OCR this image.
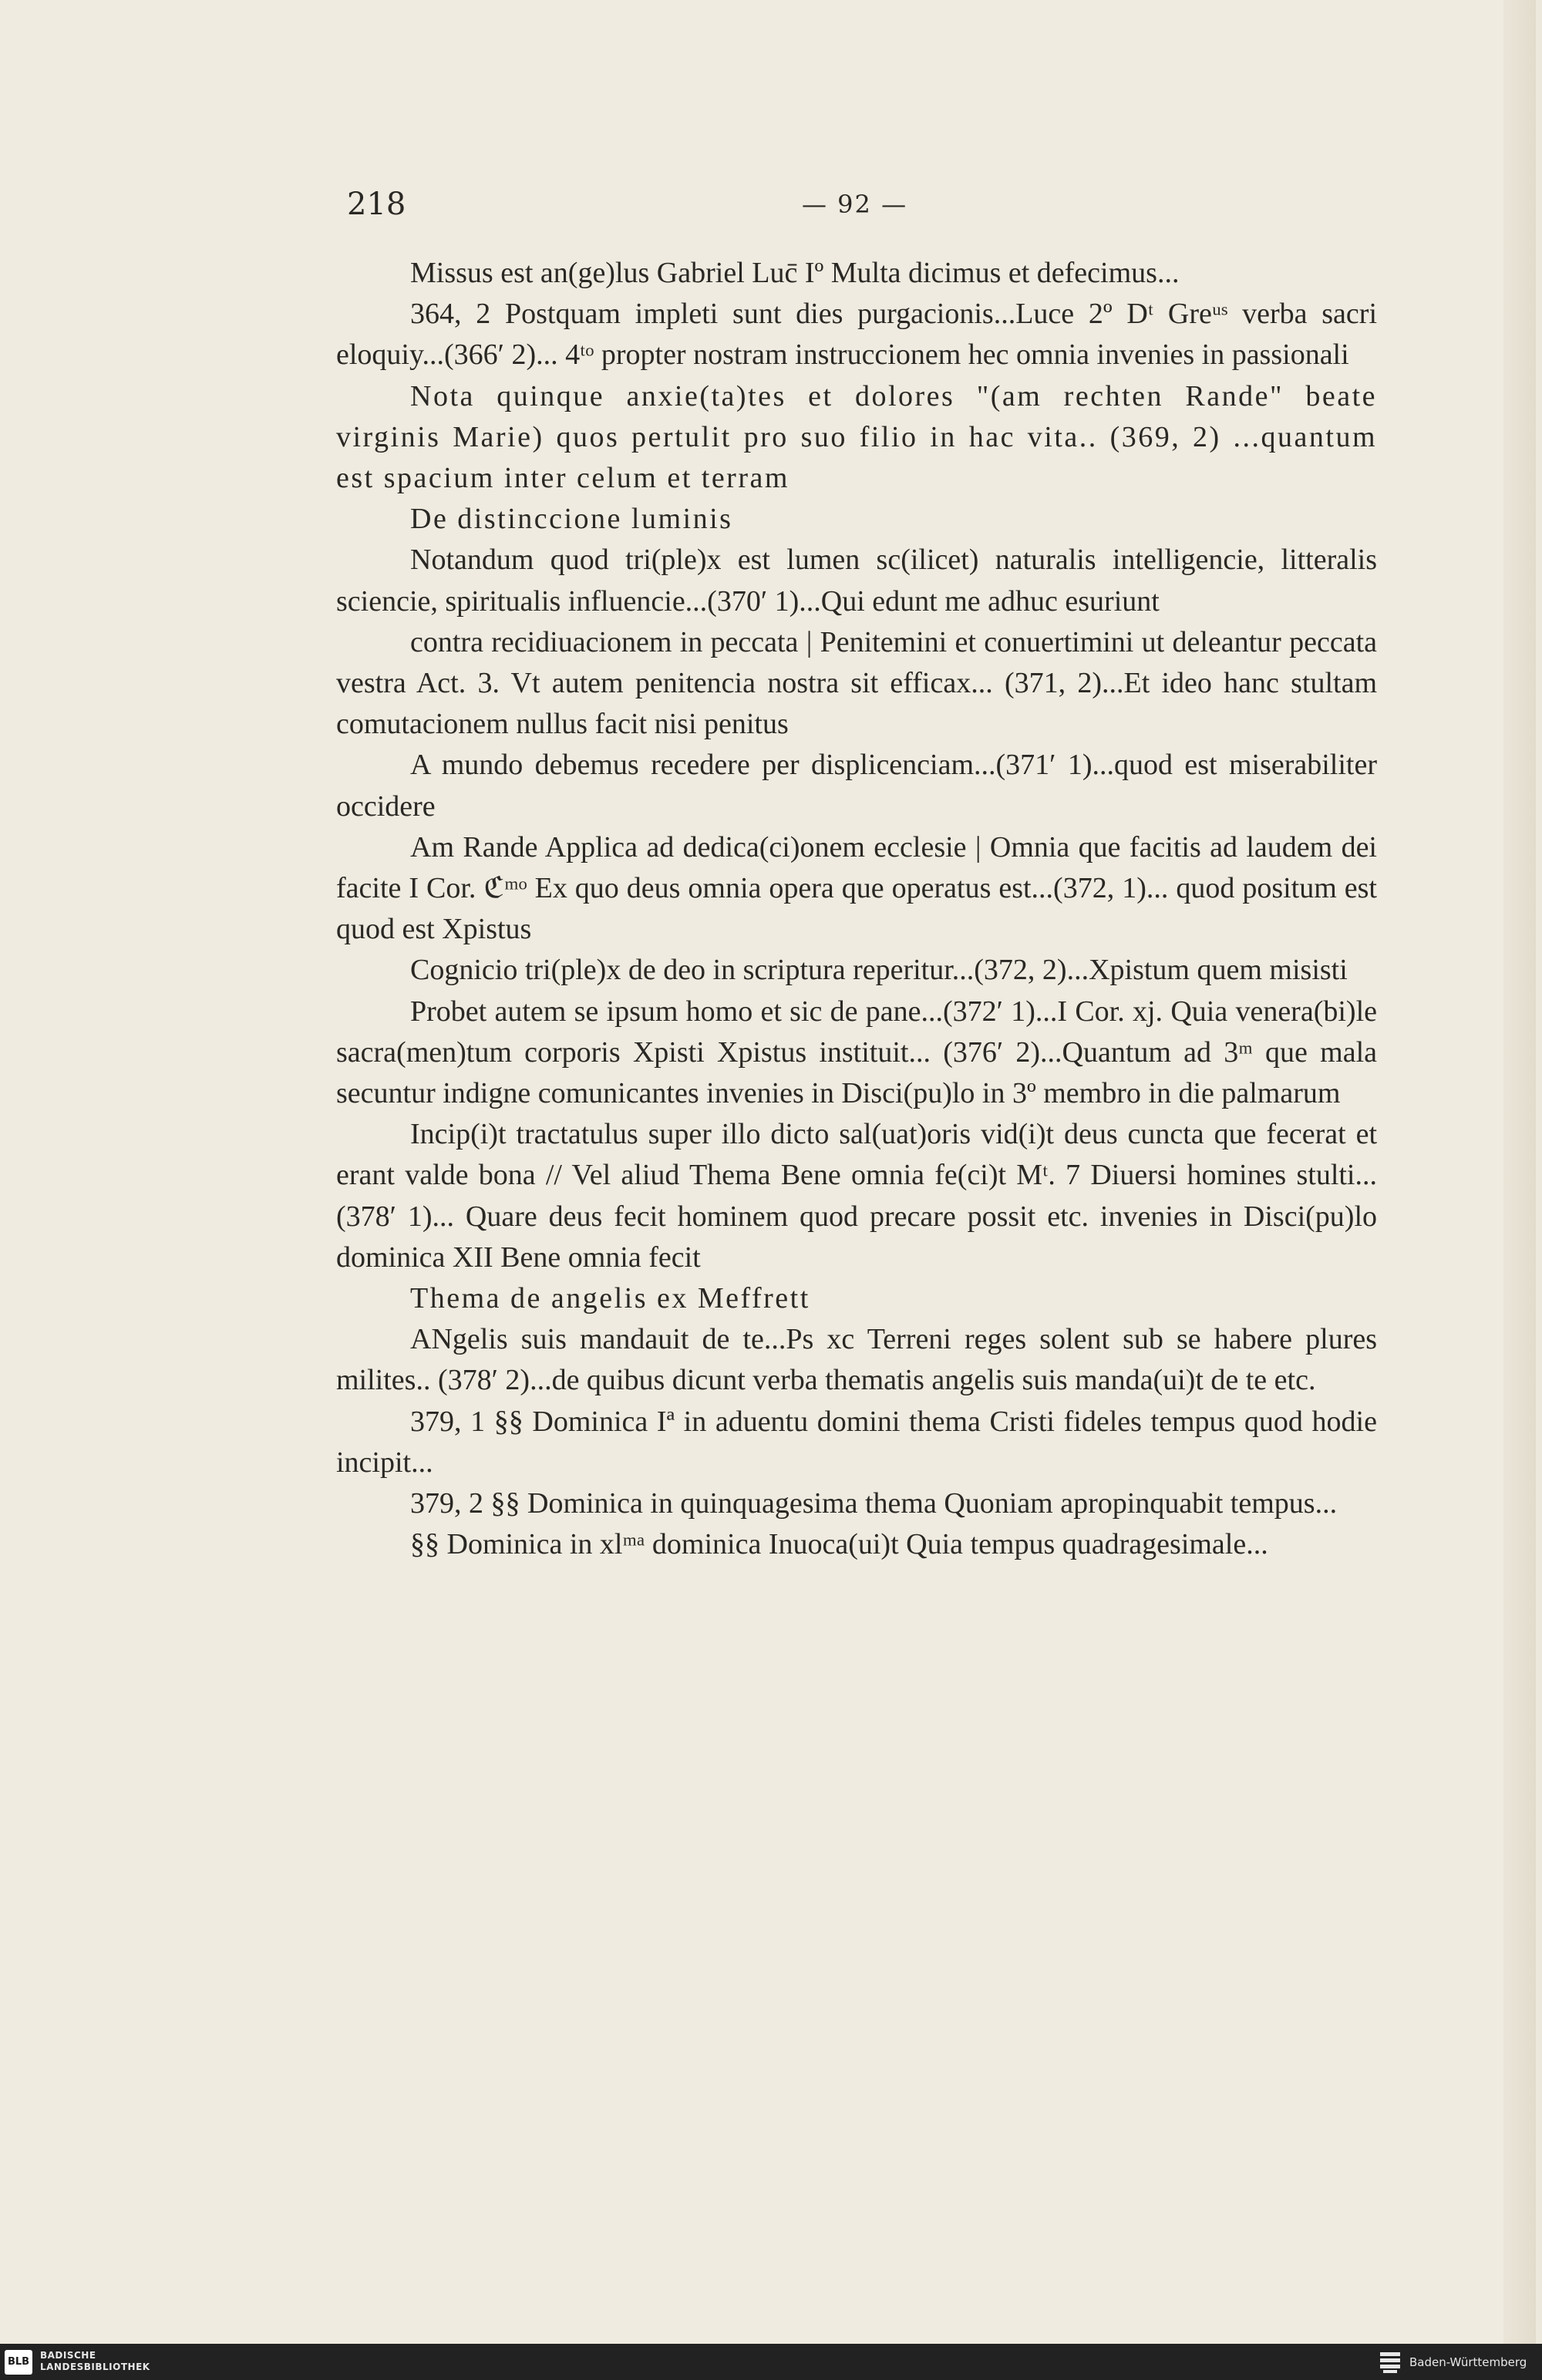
218	— 92 —

Missus est an(ge)lus Gabriel Luc̄ Iº Multa dicimus et defecimus...

364, 2 Postquam impleti sunt dies purgacionis...Luce 2º Dᵗ Greᵘˢ verba sacri eloquiy...(366′ 2)... 4ᵗᵒ propter nostram instruccionem hec omnia invenies in passionali

Nota quinque anxie(ta)tes et dolores "(am rechten Rande" beate virginis Marie) quos pertulit pro suo filio in hac vita.. (369, 2) ...quantum est spacium inter celum et terram

De distinccione luminis

Notandum quod tri(ple)x est lumen sc(ilicet) naturalis intelligencie, litteralis sciencie, spiritualis influencie...(370′ 1)...Qui edunt me adhuc esuriunt

contra recidiuacionem in peccata | Penitemini et conuertimini ut deleantur peccata vestra Act. 3. Vt autem penitencia nostra sit efficax... (371, 2)...Et ideo hanc stultam comutacionem nullus facit nisi penitus

A mundo debemus recedere per displicenciam...(371′ 1)...quod est miserabiliter occidere

Am Rande Applica ad dedica(ci)onem ecclesie | Omnia que facitis ad laudem dei facite I Cor. ℭᵐᵒ Ex quo deus omnia opera que operatus est...(372, 1)... quod positum est quod est Xpistus

Cognicio tri(ple)x de deo in scriptura reperitur...(372, 2)...Xpistum quem misisti

Probet autem se ipsum homo et sic de pane...(372′ 1)...I Cor. xj. Quia venera(bi)le sacra(men)tum corporis Xpisti Xpistus instituit... (376′ 2)...Quantum ad 3ᵐ que mala secuntur indigne comunicantes invenies in Disci(pu)lo in 3º membro in die palmarum

Incip(i)t tractatulus super illo dicto sal(uat)oris vid(i)t deus cuncta que fecerat et erant valde bona // Vel aliud Thema Bene omnia fe(ci)t Mᵗ. 7 Diuersi homines stulti...(378′ 1)... Quare deus fecit hominem quod precare possit etc. invenies in Disci(pu)lo dominica XII Bene omnia fecit

Thema de angelis ex Meffrett

ANgelis suis mandauit de te...Ps xc Terreni reges solent sub se habere plures milites.. (378′ 2)...de quibus dicunt verba thematis angelis suis manda(ui)t de te etc.

379, 1 §§ Dominica Iª in aduentu domini thema Cristi fideles tempus quod hodie incipit...

379, 2 §§ Dominica in quinquagesima thema Quoniam apropinquabit tempus...

§§ Dominica in xlᵐᵃ dominica Inuoca(ui)t Quia tempus quadragesimale...

BLB
BADISCHE
LANDESBIBLIOTHEK	Baden-Württemberg
